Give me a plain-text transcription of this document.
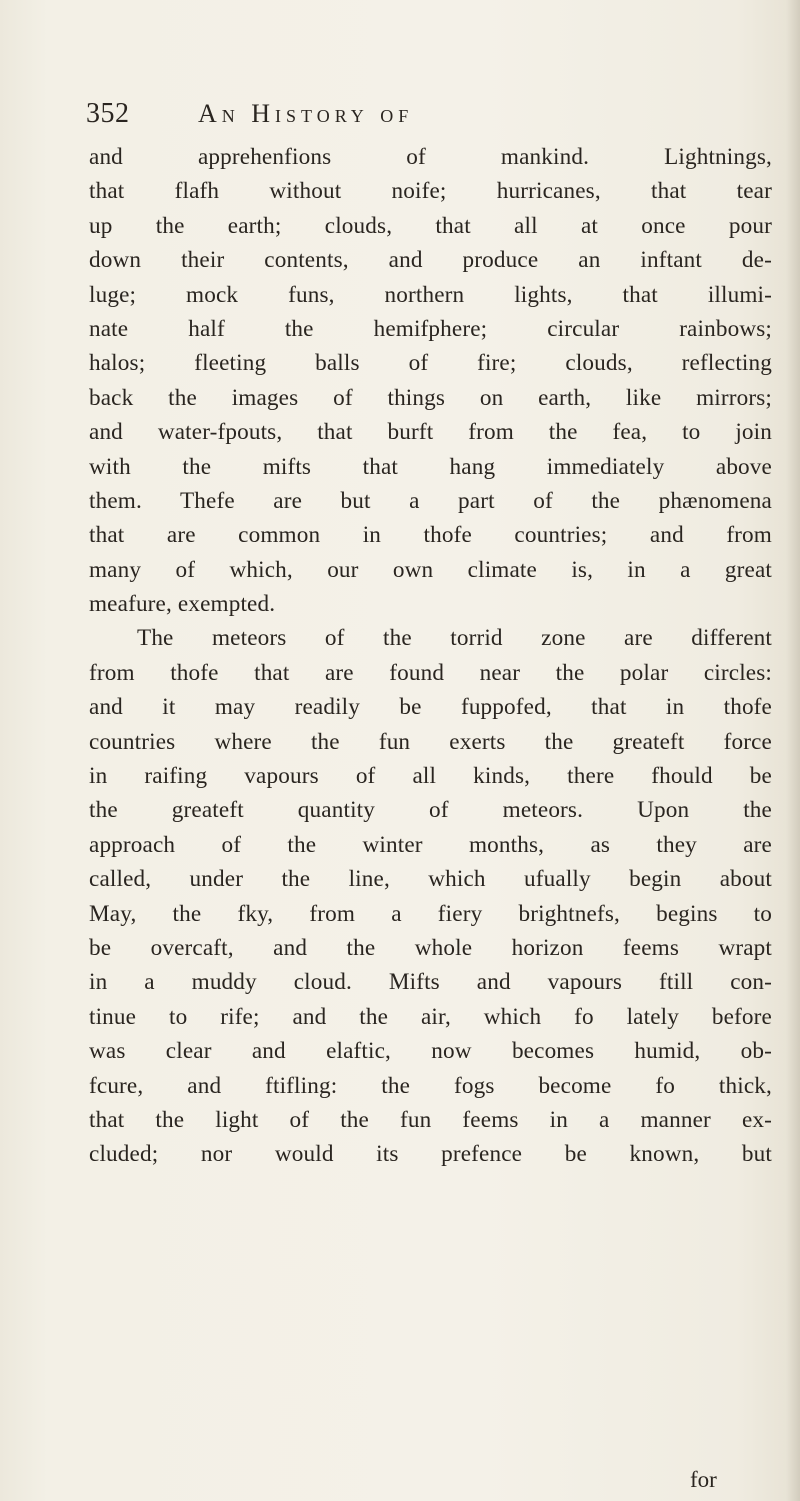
352	An History of
and apprehenfions of mankind. Lightnings,
that flafh without noife; hurricanes, that tear
up the earth; clouds, that all at once pour
down their contents, and produce an inftant de-
luge; mock funs, northern lights, that illumi-
nate half the hemifphere; circular rainbows;
halos; fleeting balls of fire; clouds, reflecting
back the images of things on earth, like mirrors;
and water-fpouts, that burft from the fea, to join
with the mifts that hang immediately above
them. Thefe are but a part of the phænomena
that are common in thofe countries; and from
many of which, our own climate is, in a great
meafure, exempted.
The meteors of the torrid zone are different
from thofe that are found near the polar circles:
and it may readily be fuppofed, that in thofe
countries where the fun exerts the greateft force
in raifing vapours of all kinds, there fhould be
the greateft quantity of meteors. Upon the
approach of the winter months, as they are
called, under the line, which ufually begin about
May, the fky, from a fiery brightnefs, begins to
be overcaft, and the whole horizon feems wrapt
in a muddy cloud. Mifts and vapours ftill con-
tinue to rife; and the air, which fo lately before
was clear and elaftic, now becomes humid, ob-
fcure, and ftifling: the fogs become fo thick,
that the light of the fun feems in a manner ex-
cluded; nor would its prefence be known, but
for
